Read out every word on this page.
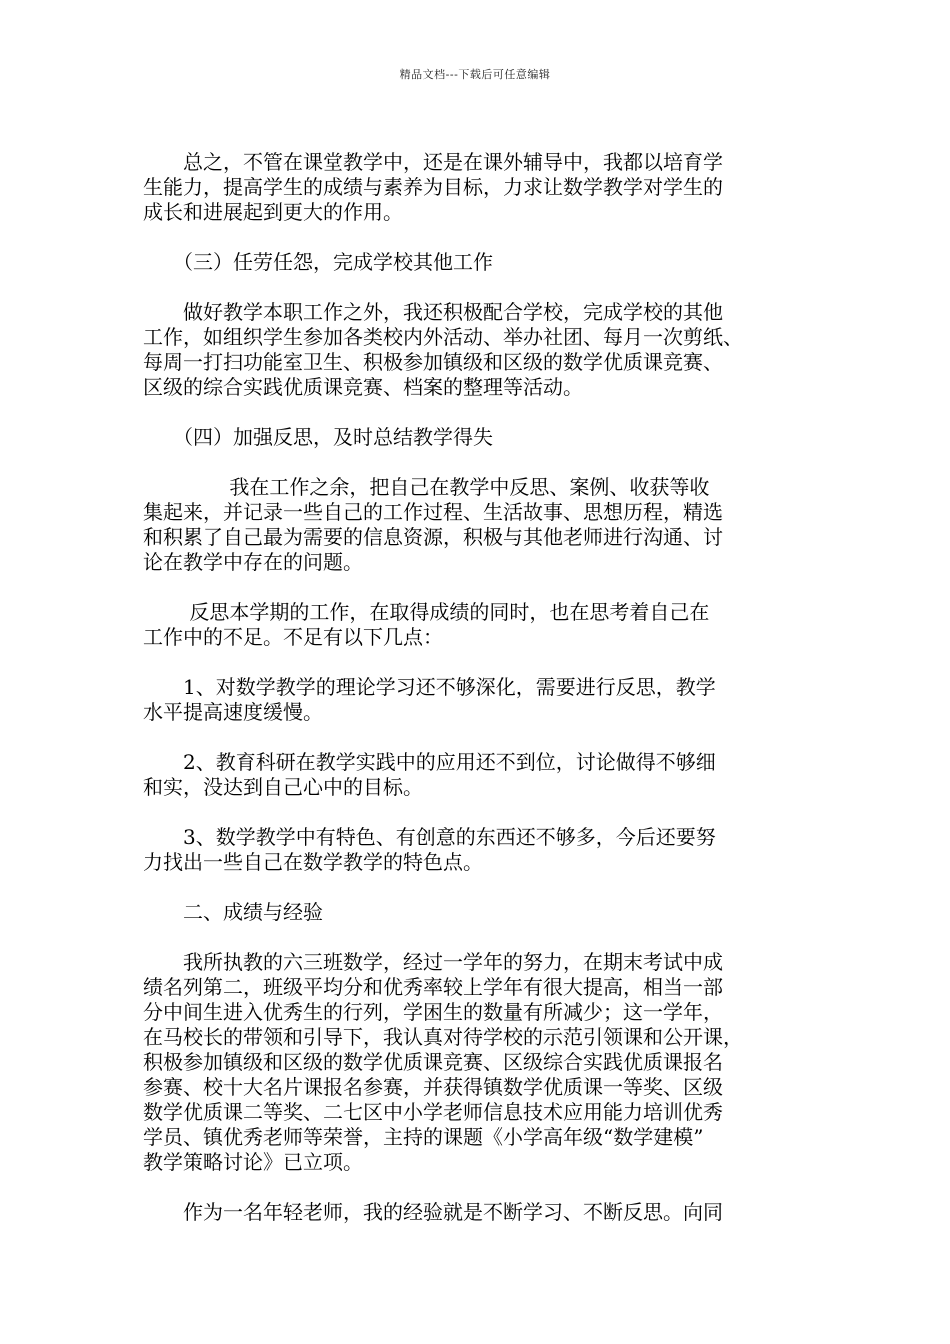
精品文档---下载后可任意编辑
　　总之，不管在课堂教学中，还是在课外辅导中，我都以培育学
生能力，提高学生的成绩与素养为目标，力求让数学教学对学生的
成长和进展起到更大的作用。
　　（三）任劳任怨，完成学校其他工作
　　做好教学本职工作之外，我还积极配合学校，完成学校的其他
工作，如组织学生参加各类校内外活动、举办社团、每月一次剪纸、
每周一打扫功能室卫生、积极参加镇级和区级的数学优质课竞赛、
区级的综合实践优质课竞赛、档案的整理等活动。
　　（四）加强反思，及时总结教学得失
　　　　 我在工作之余，把自己在教学中反思、案例、收获等收
集起来，并记录一些自己的工作过程、生活故事、思想历程，精选
和积累了自己最为需要的信息资源，积极与其他老师进行沟通、讨
论在教学中存在的问题。
　　 反思本学期的工作，在取得成绩的同时，也在思考着自己在
工作中的不足。不足有以下几点：
　　1、对数学教学的理论学习还不够深化，需要进行反思，教学
水平提高速度缓慢。
　　2、教育科研在教学实践中的应用还不到位，讨论做得不够细
和实，没达到自己心中的目标。
　　3、数学教学中有特色、有创意的东西还不够多，今后还要努
力找出一些自己在数学教学的特色点。
　　二、成绩与经验
　　我所执教的六三班数学，经过一学年的努力，在期末考试中成
绩名列第二，班级平均分和优秀率较上学年有很大提高，相当一部
分中间生进入优秀生的行列，学困生的数量有所减少；这一学年，
在马校长的带领和引导下，我认真对待学校的示范引领课和公开课，
积极参加镇级和区级的数学优质课竞赛、区级综合实践优质课报名
参赛、校十大名片课报名参赛，并获得镇数学优质课一等奖、区级
数学优质课二等奖、二七区中小学老师信息技术应用能力培训优秀
学员、镇优秀老师等荣誉，主持的课题《小学高年级“数学建模”
教学策略讨论》已立项。
　　作为一名年轻老师，我的经验就是不断学习、不断反思。向同
